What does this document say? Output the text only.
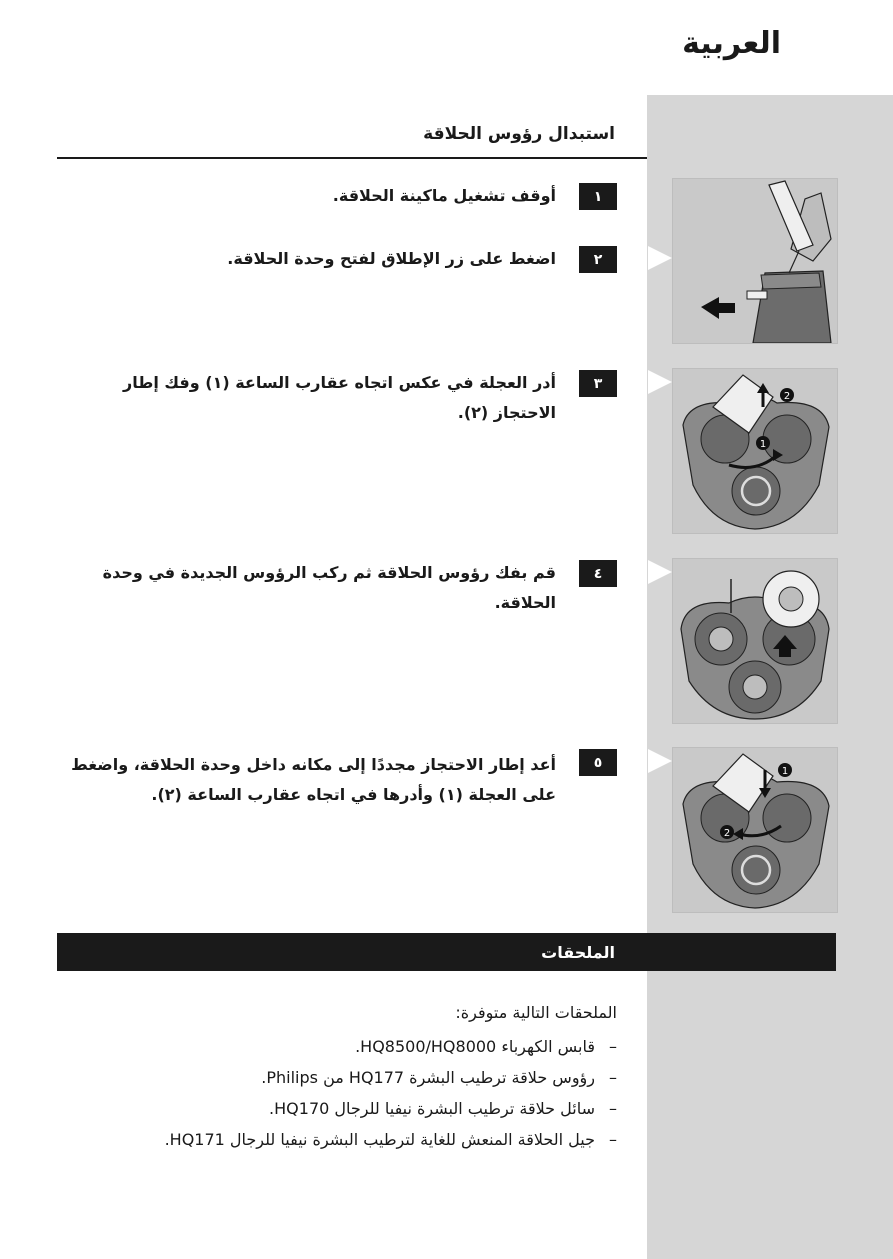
العربية
استبدال رؤوس الحلاقة
١
أوقف تشغيل ماكينة الحلاقة.
٢
اضغط على زر الإطلاق لفتح وحدة الحلاقة.
٣
أدر العجلة في عكس اتجاه عقارب الساعة (١) وفك إطار الاحتجاز (٢).
2
1
٤
قم بفك رؤوس الحلاقة ثم ركب الرؤوس الجديدة في وحدة الحلاقة.
٥
أعد إطار الاحتجاز مجددًا إلى مكانه داخل وحدة الحلاقة، واضغط على العجلة (١) وأدرها في اتجاه عقارب الساعة (٢).
1
2
الملحقات
الملحقات التالية متوفرة:
–قابس الكهرباء HQ8500/HQ8000.
–رؤوس حلاقة ترطيب البشرة HQ177 من Philips.
–سائل حلاقة ترطيب البشرة نيفيا للرجال HQ170.
–جيل الحلاقة المنعش للغاية لترطيب البشرة نيفيا للرجال HQ171.
